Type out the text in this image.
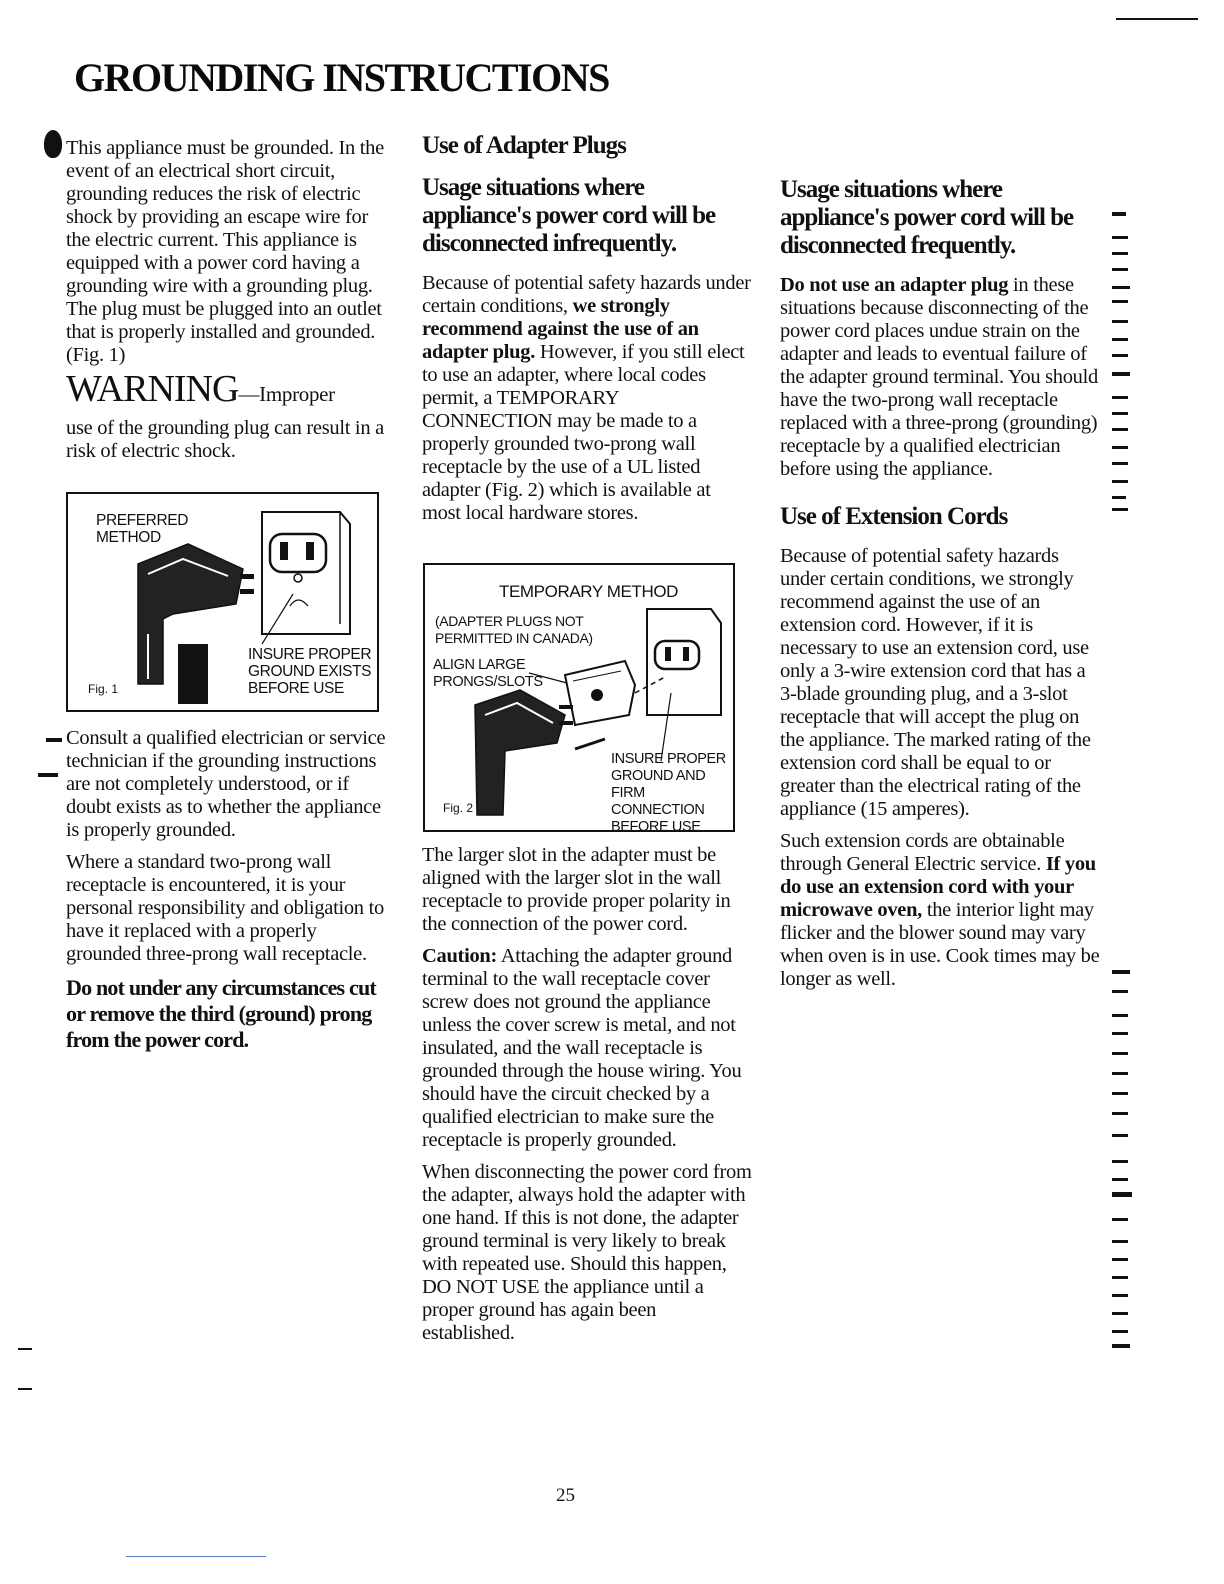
GROUNDING INSTRUCTIONS

This appliance must be grounded. In the event of an electrical short circuit, grounding reduces the risk of electric shock by providing an escape wire for the electric current. This appliance is equipped with a power cord having a grounding wire with a grounding plug. The plug must be plugged into an outlet that is properly installed and grounded. (Fig. 1)

WARNING—Improper

use of the grounding plug can result in a risk of electric shock.

PREFERRED
METHOD
INSURE PROPER
GROUND EXISTS
BEFORE USE
Fig. 1

Consult a qualified electrician or service technician if the grounding instructions are not completely understood, or if doubt exists as to whether the appliance is properly grounded.

Where a standard two-prong wall receptacle is encountered, it is your personal responsibility and obligation to have it replaced with a properly grounded three-prong wall receptacle.

Do not under any circumstances cut or remove the third (ground) prong from the power cord.

Use of Adapter Plugs
Usage situations where appliance's power cord will be disconnected infrequently.

Because of potential safety hazards under certain conditions, we strongly recommend against the use of an adapter plug. However, if you still elect to use an adapter, where local codes permit, a TEMPORARY CONNECTION may be made to a properly grounded two-prong wall receptacle by the use of a UL listed adapter (Fig. 2) which is available at most local hardware stores.

TEMPORARY METHOD
(ADAPTER PLUGS NOT
PERMITTED IN CANADA)
ALIGN LARGE
PRONGS/SLOTS
INSURE PROPER
GROUND AND
FIRM CONNECTION
BEFORE USE
Fig. 2

The larger slot in the adapter must be aligned with the larger slot in the wall receptacle to provide proper polarity in the connection of the power cord.

Caution: Attaching the adapter ground terminal to the wall receptacle cover screw does not ground the appliance unless the cover screw is metal, and not insulated, and the wall receptacle is grounded through the house wiring. You should have the circuit checked by a qualified electrician to make sure the receptacle is properly grounded.

When disconnecting the power cord from the adapter, always hold the adapter with one hand. If this is not done, the adapter ground terminal is very likely to break with repeated use. Should this happen, DO NOT USE the appliance until a proper ground has again been established.

Usage situations where appliance's power cord will be disconnected frequently.

Do not use an adapter plug in these situations because disconnecting of the power cord places undue strain on the adapter and leads to eventual failure of the adapter ground terminal. You should have the two-prong wall receptacle replaced with a three-prong (grounding) receptacle by a qualified electrician before using the appliance.

Use of Extension Cords

Because of potential safety hazards under certain conditions, we strongly recommend against the use of an extension cord. However, if it is necessary to use an extension cord, use only a 3-wire extension cord that has a 3-blade grounding plug, and a 3-slot receptacle that will accept the plug on the appliance. The marked rating of the extension cord shall be equal to or greater than the electrical rating of the appliance (15 amperes).

Such extension cords are obtainable through General Electric service. If you do use an extension cord with your microwave oven, the interior light may flicker and the blower sound may vary when oven is in use. Cook times may be longer as well.

25
